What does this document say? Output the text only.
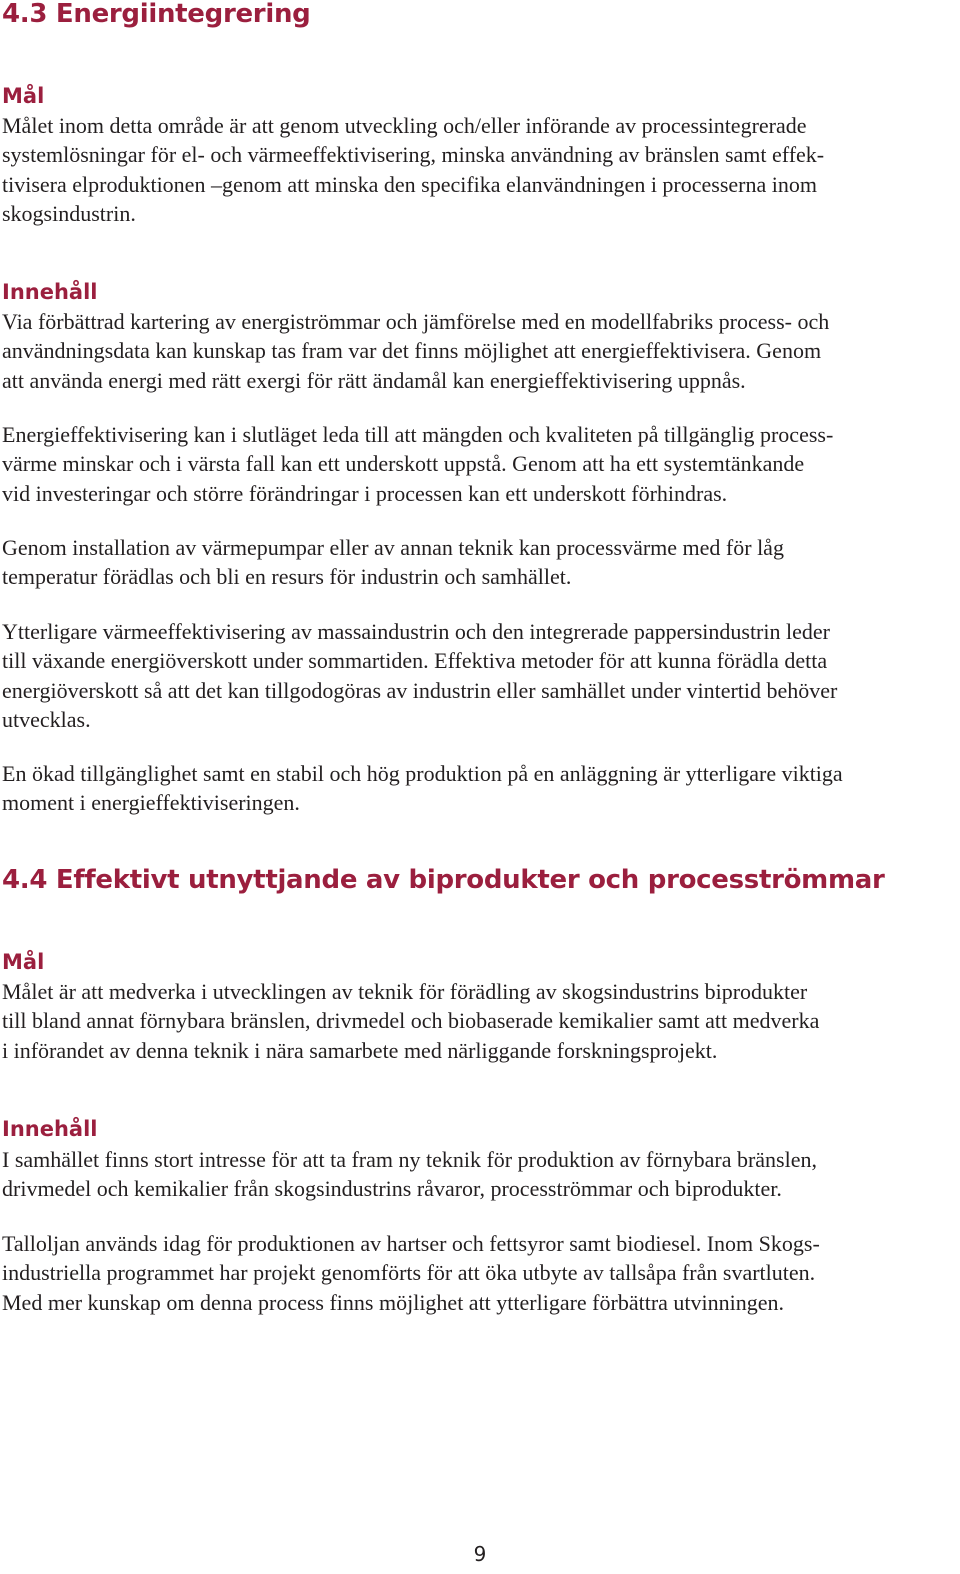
4.3 Energiintegrering
Mål

Målet inom detta område är att genom utveckling och/eller införande av processintegrerade
systemlösningar för el- och värmeeffektivisering, minska användning av bränslen samt effek-
tivisera elproduktionen –genom att minska den specifika elanvändningen i processerna inom
skogsindustrin.

Innehåll

Via förbättrad kartering av energiströmmar och jämförelse med en modellfabriks process- och
användningsdata kan kunskap tas fram var det finns möjlighet att energieffektivisera. Genom
att använda energi med rätt exergi för rätt ändamål kan energieffektivisering uppnås.

Energieffektivisering kan i slutläget leda till att mängden och kvaliteten på tillgänglig process-
värme minskar och i värsta fall kan ett underskott uppstå. Genom att ha ett systemtänkande
vid investeringar och större förändringar i processen kan ett underskott förhindras.

Genom installation av värmepumpar eller av annan teknik kan processvärme med för låg
temperatur förädlas och bli en resurs för industrin och samhället.

Ytterligare värmeeffektivisering av massaindustrin och den integrerade pappersindustrin leder
till växande energiöverskott under sommartiden. Effektiva metoder för att kunna förädla detta
energiöverskott så att det kan tillgodogöras av industrin eller samhället under vintertid behöver
utvecklas.

En ökad tillgänglighet samt en stabil och hög produktion på en anläggning är ytterligare viktiga
moment i energieffektiviseringen.

4.4 Effektivt utnyttjande av biprodukter och procesströmmar
Mål

Målet är att medverka i utvecklingen av teknik för förädling av skogsindustrins biprodukter
till bland annat förnybara bränslen, drivmedel och biobaserade kemikalier samt att medverka
i införandet av denna teknik i nära samarbete med närliggande forskningsprojekt.

Innehåll

I samhället finns stort intresse för att ta fram ny teknik för produktion av förnybara bränslen,
drivmedel och kemikalier från skogsindustrins råvaror, procesströmmar och biprodukter.

Talloljan används idag för produktionen av hartser och fettsyror samt biodiesel. Inom Skogs-
industriella programmet har projekt genomförts för att öka utbyte av tallsåpa från svartluten.
Med mer kunskap om denna process finns möjlighet att ytterligare förbättra utvinningen.

9
